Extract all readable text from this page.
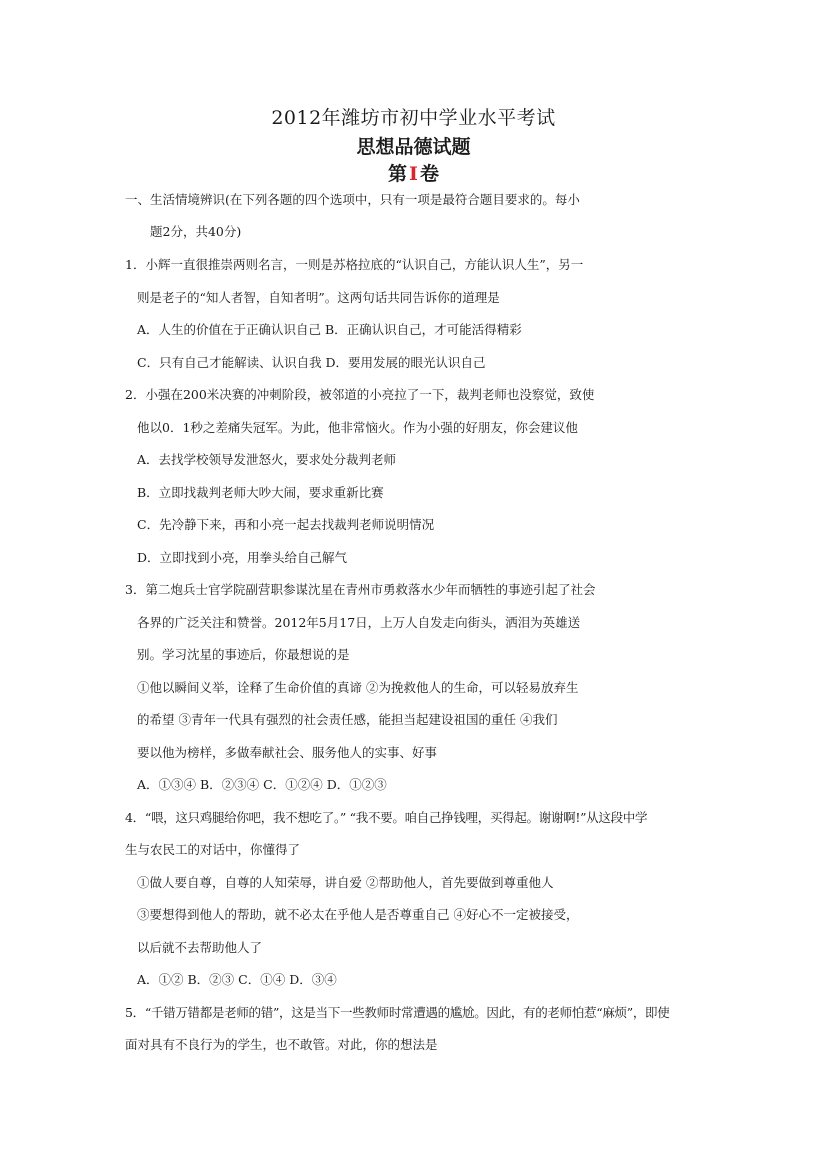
2012年潍坊市初中学业水平考试
思想品德试题
第 Ⅰ 卷
一、生活情境辨识(在下列各题的四个选项中，只有一项是最符合题目要求的。每小
题2分，共40分)
1．小辉一直很推崇两则名言，一则是苏格拉底的“认识自己，方能认识人生”，另一
则是老子的“知人者智，自知者明”。这两句话共同告诉你的道理是
A．人生的价值在于正确认识自己 B．正确认识自己，才可能活得精彩
C．只有自己才能解读、认识自我 D．要用发展的眼光认识自己
2．小强在200米决赛的冲刺阶段，被邻道的小亮拉了一下，裁判老师也没察觉，致使
他以0．1秒之差痛失冠军。为此，他非常恼火。作为小强的好朋友，你会建议他
A．去找学校领导发泄怒火，要求处分裁判老师
B．立即找裁判老师大吵大闹，要求重新比赛
C．先冷静下来，再和小亮一起去找裁判老师说明情况
D．立即找到小亮，用拳头给自己解气
3．第二炮兵士官学院副营职参谋沈星在青州市勇救落水少年而牺牲的事迹引起了社会
各界的广泛关注和赞誉。2012年5月17日，上万人自发走向街头，洒泪为英雄送
别。学习沈星的事迹后，你最想说的是
①他以瞬间义举，诠释了生命价值的真谛 ②为挽救他人的生命，可以轻易放弃生
的希望 ③青年一代具有强烈的社会责任感，能担当起建设祖国的重任 ④我们
要以他为榜样，多做奉献社会、服务他人的实事、好事
A．①③④ B．②③④ C．①②④ D．①②③
4．“喂，这只鸡腿给你吧，我不想吃了。” “我不要。咱自己挣钱哩，买得起。谢谢啊!”从这段中学
生与农民工的对话中，你懂得了
①做人要自尊，自尊的人知荣辱，讲自爱 ②帮助他人，首先要做到尊重他人
③要想得到他人的帮助，就不必太在乎他人是否尊重自己 ④好心不一定被接受，
以后就不去帮助他人了
A．①② B．②③ C．①④ D．③④
5．“千错万错都是老师的错”，这是当下一些教师时常遭遇的尴尬。因此，有的老师怕惹“麻烦”，即使
面对具有不良行为的学生，也不敢管。对此，你的想法是
